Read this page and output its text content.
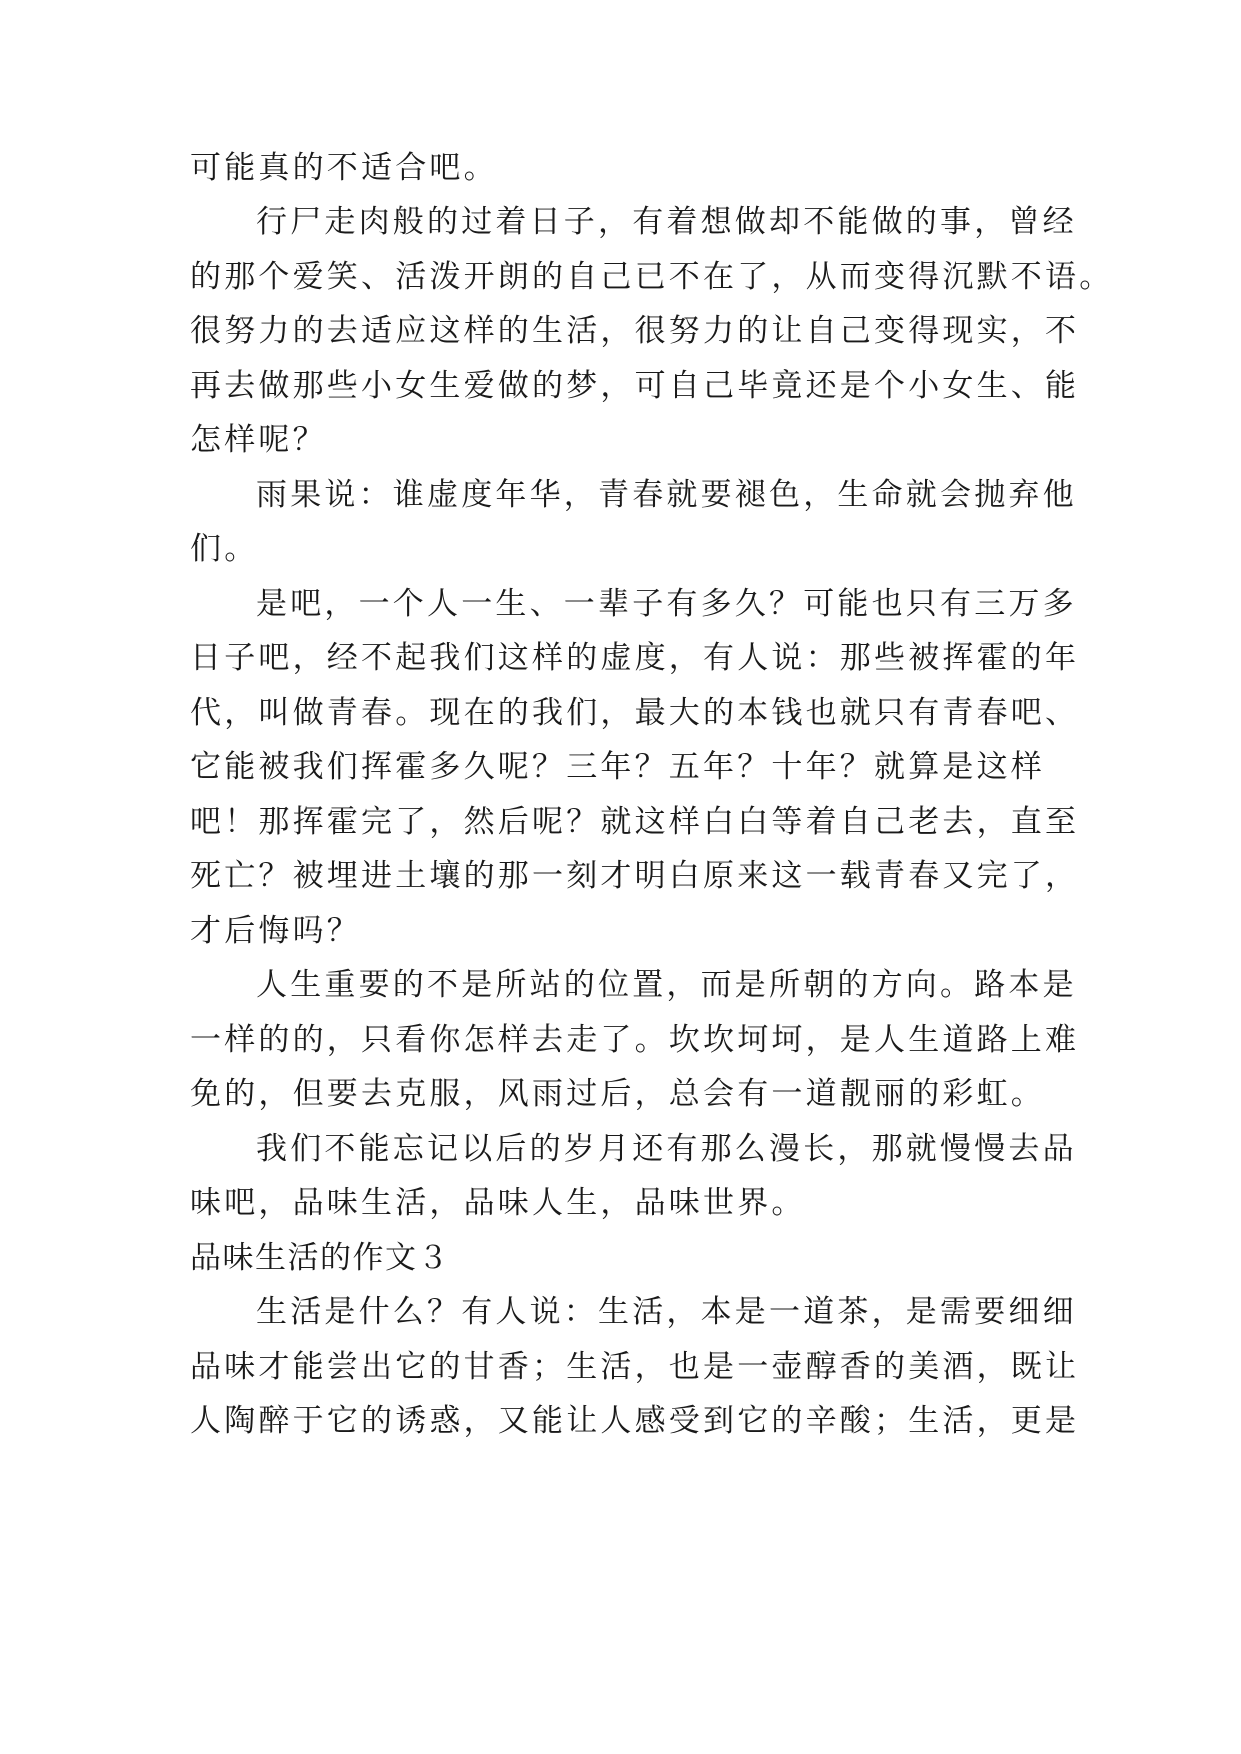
可能真的不适合吧。

行尸走肉般的过着日子，有着想做却不能做的事，曾经

的那个爱笑、活泼开朗的自己已不在了，从而变得沉默不语。

很努力的去适应这样的生活，很努力的让自己变得现实，不

再去做那些小女生爱做的梦，可自己毕竟还是个小女生、能

怎样呢？

雨果说：谁虚度年华，青春就要褪色，生命就会抛弃他

们。

是吧，一个人一生、一辈子有多久？可能也只有三万多

日子吧，经不起我们这样的虚度，有人说：那些被挥霍的年

代，叫做青春。现在的我们，最大的本钱也就只有青春吧、

它能被我们挥霍多久呢？三年？五年？十年？就算是这样

吧！那挥霍完了，然后呢？就这样白白等着自己老去，直至

死亡？被埋进土壤的那一刻才明白原来这一载青春又完了，

才后悔吗？

人生重要的不是所站的位置，而是所朝的方向。路本是

一样的的，只看你怎样去走了。坎坎坷坷，是人生道路上难

免的，但要去克服，风雨过后，总会有一道靓丽的彩虹。

我们不能忘记以后的岁月还有那么漫长，那就慢慢去品

味吧，品味生活，品味人生，品味世界。

品味生活的作文３

生活是什么？有人说：生活，本是一道茶，是需要细细

品味才能尝出它的甘香；生活，也是一壶醇香的美酒，既让

人陶醉于它的诱惑，又能让人感受到它的辛酸；生活，更是
